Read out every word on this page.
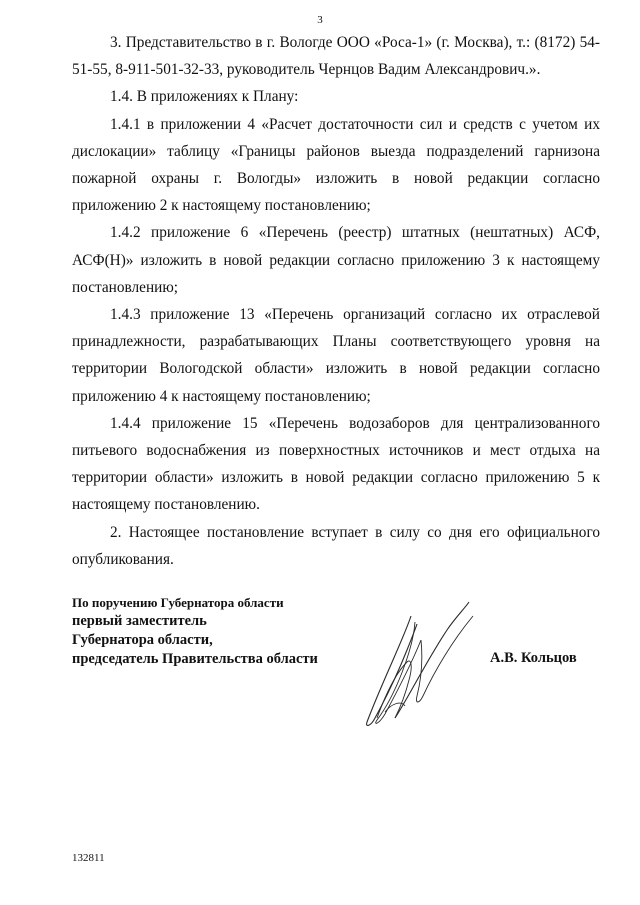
3

3. Представительство в г. Вологде ООО «Роса-1» (г. Москва), т.: (8172) 54-51-55, 8-911-501-32-33, руководитель Чернцов Вадим Александрович.».

1.4. В приложениях к Плану:

1.4.1 в приложении 4 «Расчет достаточности сил и средств с учетом их дислокации» таблицу «Границы районов выезда подразделений гарнизона пожарной охраны г. Вологды» изложить в новой редакции согласно приложению 2 к настоящему постановлению;

1.4.2 приложение 6 «Перечень (реестр) штатных (нештатных) АСФ, АСФ(Н)» изложить в новой редакции согласно приложению 3 к настоящему постановлению;

1.4.3 приложение 13 «Перечень организаций согласно их отраслевой принадлежности, разрабатывающих Планы соответствующего уровня на территории Вологодской области» изложить в новой редакции согласно приложению 4 к настоящему постановлению;

1.4.4 приложение 15 «Перечень водозаборов для централизованного питьевого водоснабжения из поверхностных источников и мест отдыха на территории области» изложить в новой редакции согласно приложению 5 к настоящему постановлению.

2. Настоящее постановление вступает в силу со дня его официального опубликования.

По поручению Губернатора области
первый заместитель
Губернатора области,
председатель Правительства области	А.В. Кольцов
132811
